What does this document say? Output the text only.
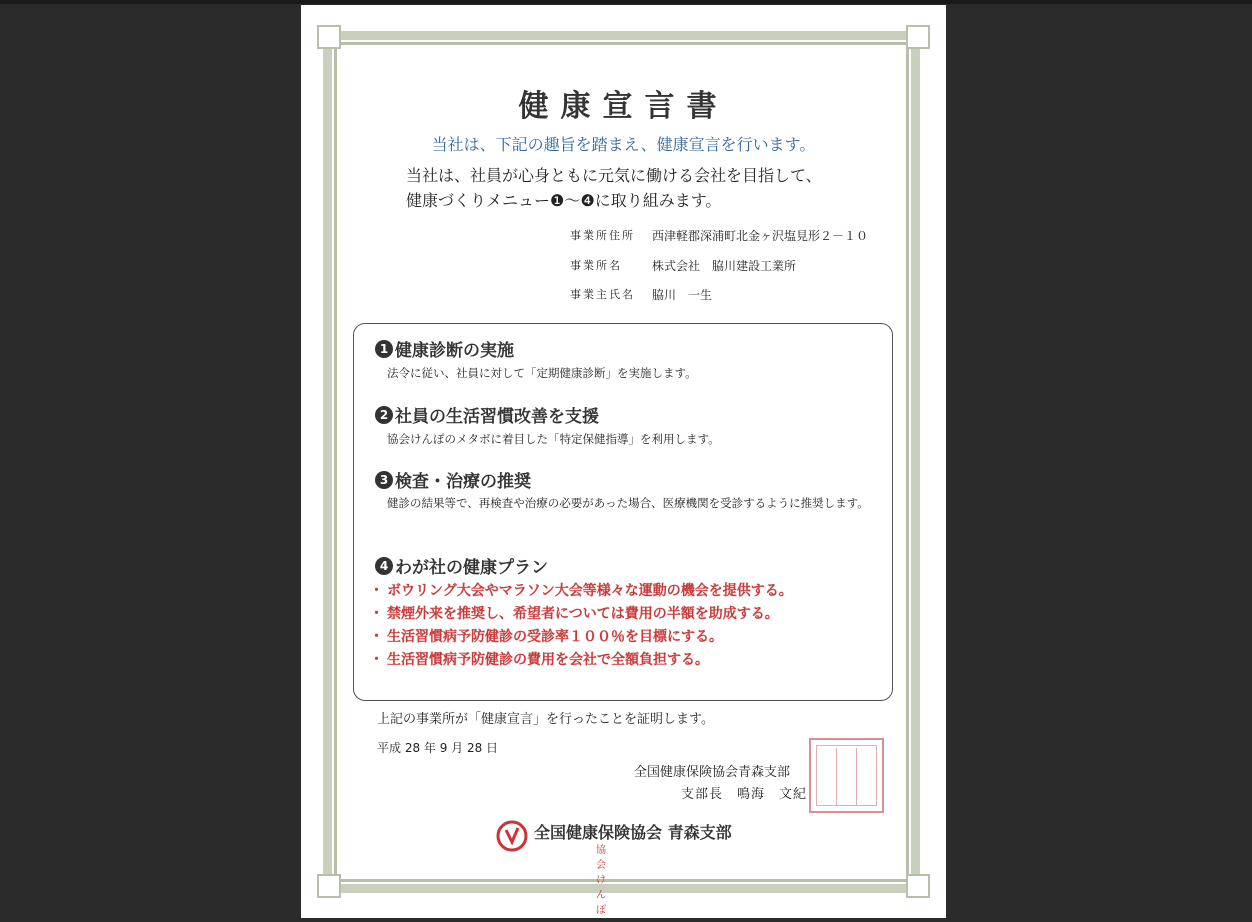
健康宣言書
当社は、下記の趣旨を踏まえ、健康宣言を行います。
当社は、社員が心身ともに元気に働ける会社を目指して、
健康づくりメニュー❶～❹に取り組みます。
事業所住所 西津軽郡深浦町北金ヶ沢塩見形２－１０
事業所名	株式会社　脇川建設工業所
事業主氏名 脇川　一生
1 健康診断の実施
法令に従い、社員に対して「定期健康診断」を実施します。
2 社員の生活習慣改善を支援
協会けんぽのメタボに着目した「特定保健指導」を利用します。
3 検査・治療の推奨
健診の結果等で、再検査や治療の必要があった場合、医療機関を受診するように推奨します。
4 わが社の健康プラン
･ ボウリング大会やマラソン大会等様々な運動の機会を提供する。
･ 禁煙外来を推奨し、希望者については費用の半額を助成する。
･ 生活習慣病予防健診の受診率１００％を目標にする。
･ 生活習慣病予防健診の費用を会社で全額負担する。
上記の事業所が「健康宣言」を行ったことを証明します。
平成 28 年 9 月 28 日
全国健康保険協会青森支部
支部長　鳴海　文紀
全国健康保険協会 青森支部
協会けんぽ
